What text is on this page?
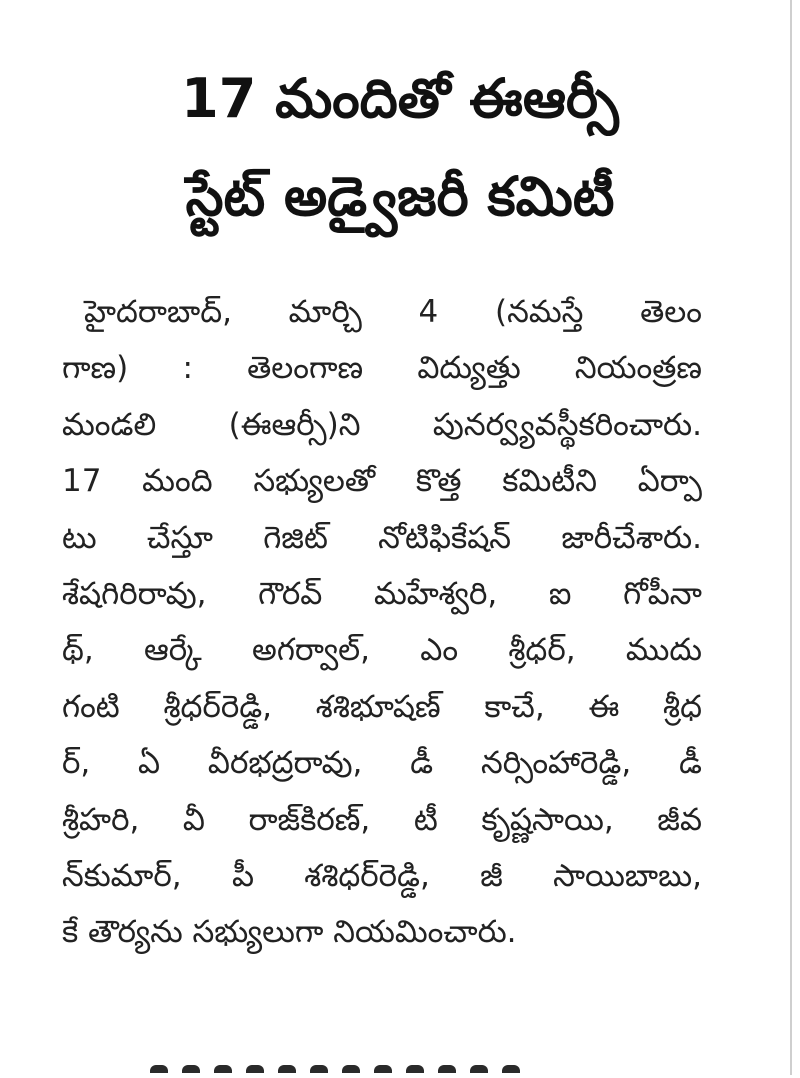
17 మందితో ఈఆర్సీ
స్టేట్ అడ్వైజరీ కమిటీ
హైదరాబాద్, మార్చి 4 (నమస్తే తెలం
గాణ) : తెలంగాణ విద్యుత్తు నియంత్రణ
మండలి (ఈఆర్సీ)ని పునర్వ్యవస్థీకరించారు.
17 మంది సభ్యులతో కొత్త కమిటీని ఏర్పా
టు చేస్తూ గెజిట్ నోటిఫికేషన్ జారీచేశారు.
శేషగిరిరావు, గౌరవ్ మహేశ్వరి, ఐ గోపీనా
థ్, ఆర్కే అగర్వాల్, ఎం శ్రీధర్, ముదు
గంటి శ్రీధర్‌రెడ్డి, శశిభూషణ్ కాచే, ఈ శ్రీధ
ర్, ఏ వీరభద్రరావు, డీ నర్సింహారెడ్డి, డీ
శ్రీహరి, వీ రాజ్‌కిరణ్, టీ కృష్ణసాయి, జీవ
న్‌కుమార్, పీ శశిధర్‌రెడ్డి, జీ సాయిబాబు,
కే తౌర్యను సభ్యులుగా నియమించారు.
